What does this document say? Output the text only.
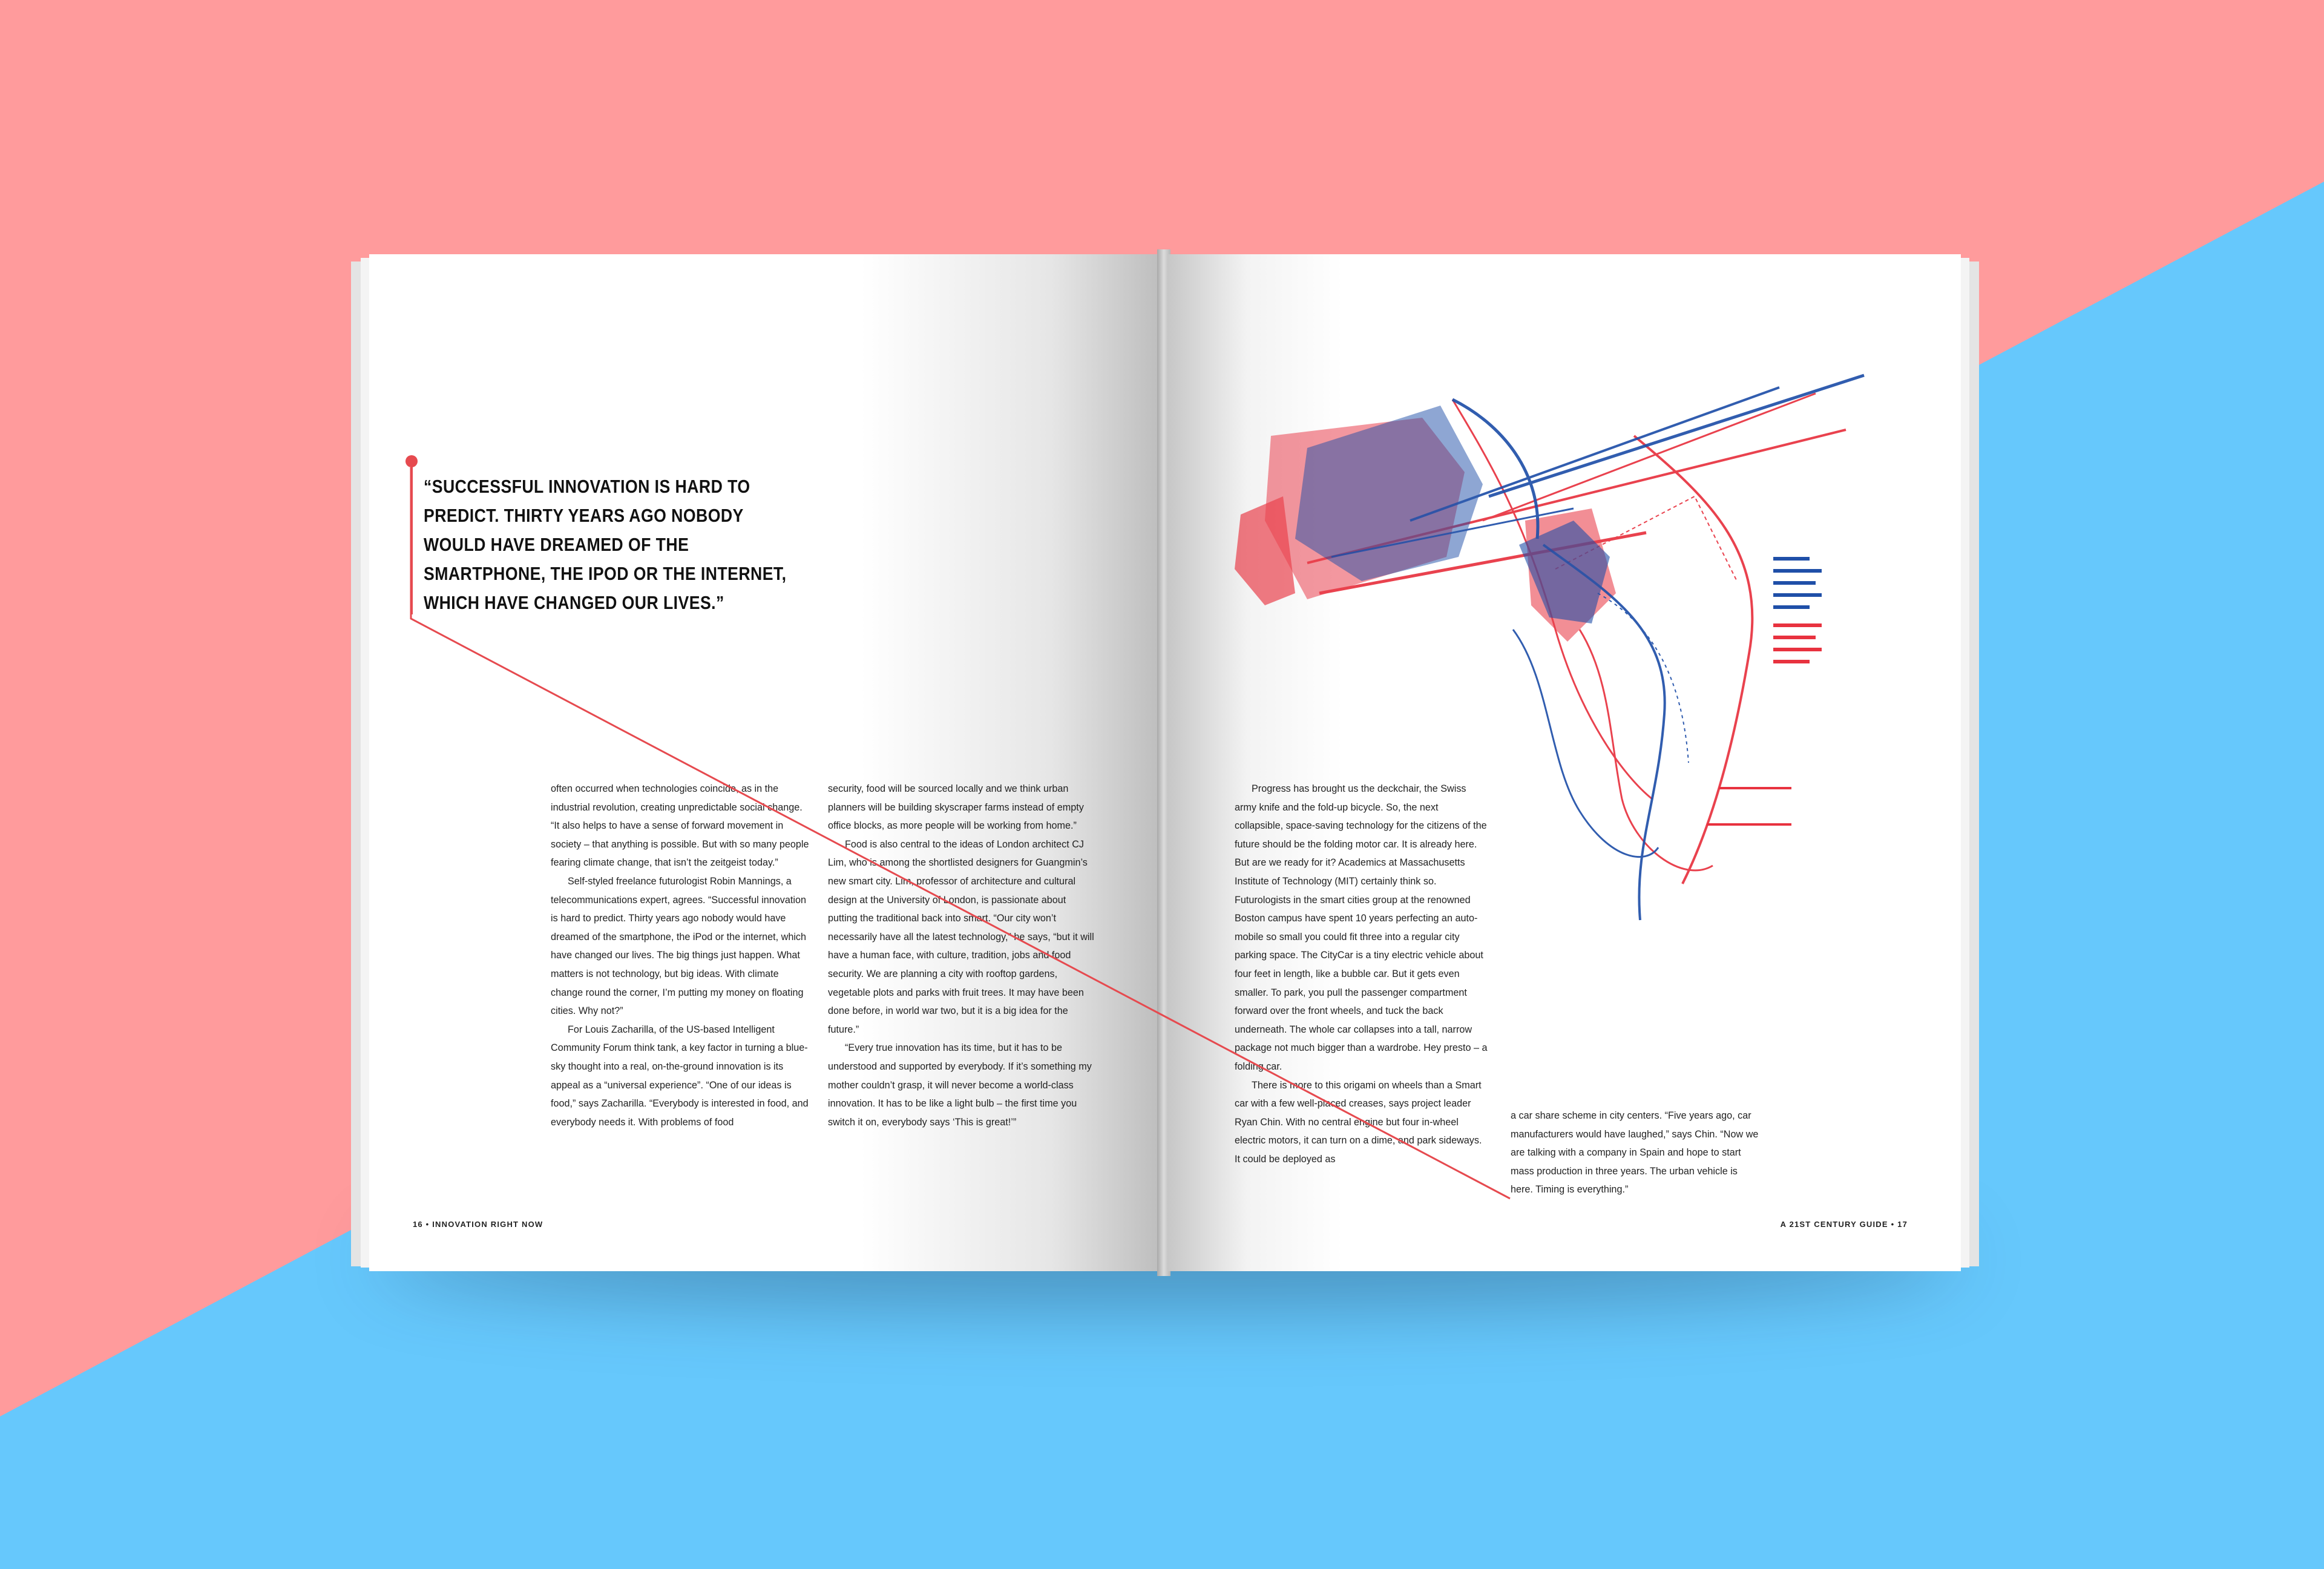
“SUCCESSFUL INNOVATION IS HARD TO PREDICT. THIRTY YEARS AGO NOBODY WOULD HAVE DREAMED OF THE SMARTPHONE, THE IPOD OR THE INTERNET, WHICH HAVE CHANGED OUR LIVES.”

often occurred when technologies coincide, as in the industrial revolution, creating unpredictable social change. “It also helps to have a sense of forward movement in society – that anything is possible. But with so many people fearing climate change, that isn’t the zeitgeist today.”

Self-styled freelance futurologist Robin Mannings, a telecommunications expert, agrees. “Successful innovation is hard to predict. Thirty years ago nobody would have dreamed of the smartphone, the iPod or the internet, which have changed our lives. The big things just happen. What matters is not technology, but big ideas. With climate change round the corner, I’m putting my money on floating cities. Why not?”

For Louis Zacharilla, of the US-based Intelligent Community Forum think tank, a key factor in turning a blue-sky thought into a real, on-the-ground innovation is its appeal as a “universal experience”. “One of our ideas is food,” says Zacharilla. “Everybody is interested in food, and everybody needs it. With problems of food

security, food will be sourced locally and we think urban planners will be building skyscraper farms instead of empty office blocks, as more people will be working from home.”

Food is also central to the ideas of London architect CJ Lim, who is among the shortlisted designers for Guangmin’s new smart city. Lim, professor of architecture and cultural design at the University of London, is passionate about putting the traditional back into smart. “Our city won’t necessarily have all the latest technology,” he says, “but it will have a human face, with culture, tradition, jobs and food security. We are planning a city with rooftop gardens, vegetable plots and parks with fruit trees. It may have been done before, in world war two, but it is a big idea for the future.”

“Every true innovation has its time, but it has to be understood and supported by everybody. If it’s something my mother couldn’t grasp, it will never become a world-class innovation. It has to be like a light bulb – the first time you switch it on, everybody says ‘This is great!’”

16 • INNOVATION RIGHT NOW

Progress has brought us the deckchair, the Swiss army knife and the fold-up bicycle. So, the next collapsible, space-saving technology for the citizens of the future should be the folding motor car. It is already here. But are we ready for it? Academics at Massachusetts Institute of Technology (MIT) certainly think so. Futurologists in the smart cities group at the renowned Boston campus have spent 10 years perfecting an auto-mobile so small you could fit three into a regular city parking space. The CityCar is a tiny electric vehicle about four feet in length, like a bubble car. But it gets even smaller. To park, you pull the passenger compartment forward over the front wheels, and tuck the back underneath. The whole car collapses into a tall, narrow package not much bigger than a wardrobe. Hey presto – a folding car.

There is more to this origami on wheels than a Smart car with a few well-placed creases, says project leader Ryan Chin. With no central engine but four in-wheel electric motors, it can turn on a dime, and park sideways. It could be deployed as

a car share scheme in city centers. “Five years ago, car manufacturers would have laughed,” says Chin. “Now we are talking with a company in Spain and hope to start mass production in three years. The urban vehicle is here. Timing is everything.”

A 21ST CENTURY GUIDE • 17
